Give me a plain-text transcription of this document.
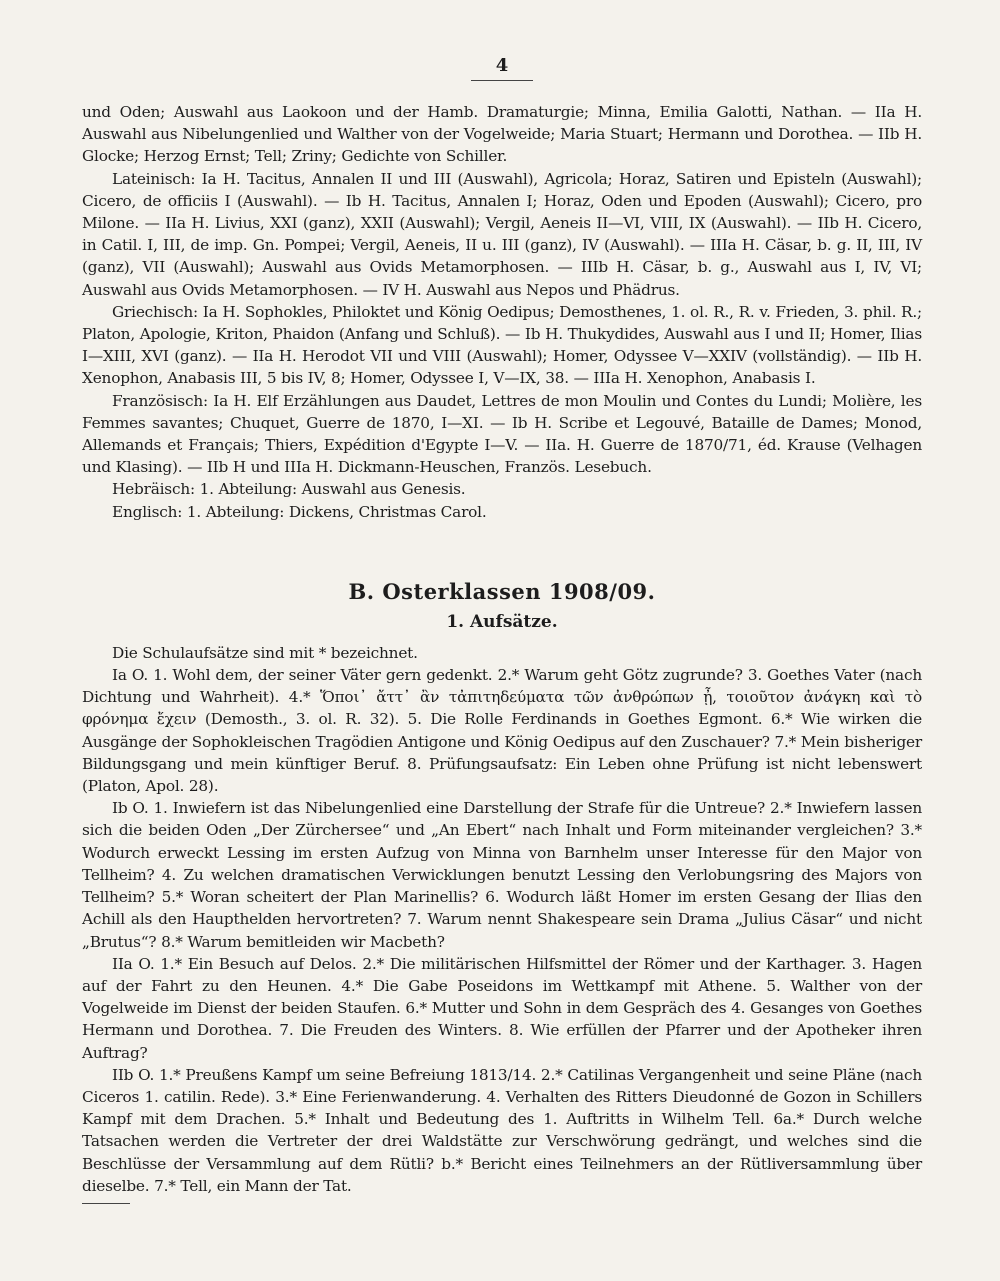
4

und Oden; Auswahl aus Laokoon und der Hamb. Dramaturgie; Minna, Emilia Galotti, Nathan. — IIa H. Auswahl aus Nibelungenlied und Walther von der Vogelweide; Maria Stuart; Hermann und Dorothea. — IIb H. Glocke; Herzog Ernst; Tell; Zriny; Gedichte von Schiller.

Lateinisch: Ia H. Tacitus, Annalen II und III (Auswahl), Agricola; Horaz, Satiren und Episteln (Auswahl); Cicero, de officiis I (Auswahl). — Ib H. Tacitus, Annalen I; Horaz, Oden und Epoden (Auswahl); Cicero, pro Milone. — IIa H. Livius, XXI (ganz), XXII (Auswahl); Vergil, Aeneis II—VI, VIII, IX (Auswahl). — IIb H. Cicero, in Catil. I, III, de imp. Gn. Pompei; Vergil, Aeneis, II u. III (ganz), IV (Auswahl). — IIIa H. Cäsar, b. g. II, III, IV (ganz), VII (Auswahl); Auswahl aus Ovids Metamorphosen. — IIIb H. Cäsar, b. g., Auswahl aus I, IV, VI; Auswahl aus Ovids Metamorphosen. — IV H. Auswahl aus Nepos und Phädrus.

Griechisch: Ia H. Sophokles, Philoktet und König Oedipus; Demosthenes, 1. ol. R., R. v. Frieden, 3. phil. R.; Platon, Apologie, Kriton, Phaidon (Anfang und Schluß). — Ib H. Thukydides, Auswahl aus I und II; Homer, Ilias I—XIII, XVI (ganz). — IIa H. Herodot VII und VIII (Auswahl); Homer, Odyssee V—XXIV (vollständig). — IIb H. Xenophon, Anabasis III, 5 bis IV, 8; Homer, Odyssee I, V—IX, 38. — IIIa H. Xenophon, Anabasis I.

Französisch: Ia H. Elf Erzählungen aus Daudet, Lettres de mon Moulin und Contes du Lundi; Molière, les Femmes savantes; Chuquet, Guerre de 1870, I—XI. — Ib H. Scribe et Legouvé, Bataille de Dames; Monod, Allemands et Français; Thiers, Expédition d'Egypte I—V. — IIa. H. Guerre de 1870/71, éd. Krause (Velhagen und Klasing). — IIb H und IIIa H. Dickmann-Heuschen, Französ. Lesebuch.

Hebräisch: 1. Abteilung: Auswahl aus Genesis.

Englisch: 1. Abteilung: Dickens, Christmas Carol.

B. Osterklassen 1908/09.
1. Aufsätze.

Die Schulaufsätze sind mit * bezeichnet.

Ia O. 1. Wohl dem, der seiner Väter gern gedenkt. 2.* Warum geht Götz zugrunde? 3. Goethes Vater (nach Dichtung und Wahrheit). 4.* Ὅποι᾽ ἄττ᾽ ἂν τἀπιτηδεύματα τῶν ἀνθρώπων ᾖ, τοιοῦτον ἀνάγκη καὶ τὸ φρόνημα ἔχειν (Demosth., 3. ol. R. 32). 5. Die Rolle Ferdinands in Goethes Egmont. 6.* Wie wirken die Ausgänge der Sophokleischen Tragödien Antigone und König Oedipus auf den Zuschauer? 7.* Mein bisheriger Bildungsgang und mein künftiger Beruf. 8. Prüfungsaufsatz: Ein Leben ohne Prüfung ist nicht lebenswert (Platon, Apol. 28).

Ib O. 1. Inwiefern ist das Nibelungenlied eine Darstellung der Strafe für die Untreue? 2.* Inwiefern lassen sich die beiden Oden „Der Zürchersee“ und „An Ebert“ nach Inhalt und Form miteinander vergleichen? 3.* Wodurch erweckt Lessing im ersten Aufzug von Minna von Barnhelm unser Interesse für den Major von Tellheim? 4. Zu welchen dramatischen Verwicklungen benutzt Lessing den Verlobungsring des Majors von Tellheim? 5.* Woran scheitert der Plan Marinellis? 6. Wodurch läßt Homer im ersten Gesang der Ilias den Achill als den Haupthelden hervortreten? 7. Warum nennt Shakespeare sein Drama „Julius Cäsar“ und nicht „Brutus“? 8.* Warum bemitleiden wir Macbeth?

IIa O. 1.* Ein Besuch auf Delos. 2.* Die militärischen Hilfsmittel der Römer und der Karthager. 3. Hagen auf der Fahrt zu den Heunen. 4.* Die Gabe Poseidons im Wettkampf mit Athene. 5. Walther von der Vogelweide im Dienst der beiden Staufen. 6.* Mutter und Sohn in dem Gespräch des 4. Gesanges von Goethes Hermann und Dorothea. 7. Die Freuden des Winters. 8. Wie erfüllen der Pfarrer und der Apotheker ihren Auftrag?

IIb O. 1.* Preußens Kampf um seine Befreiung 1813/14. 2.* Catilinas Vergangenheit und seine Pläne (nach Ciceros 1. catilin. Rede). 3.* Eine Ferienwanderung. 4. Verhalten des Ritters Dieudonné de Gozon in Schillers Kampf mit dem Drachen. 5.* Inhalt und Bedeutung des 1. Auftritts in Wilhelm Tell. 6a.* Durch welche Tatsachen werden die Vertreter der drei Waldstätte zur Verschwörung gedrängt, und welches sind die Beschlüsse der Versammlung auf dem Rütli? b.* Bericht eines Teilnehmers an der Rütliversammlung über dieselbe. 7.* Tell, ein Mann der Tat.
